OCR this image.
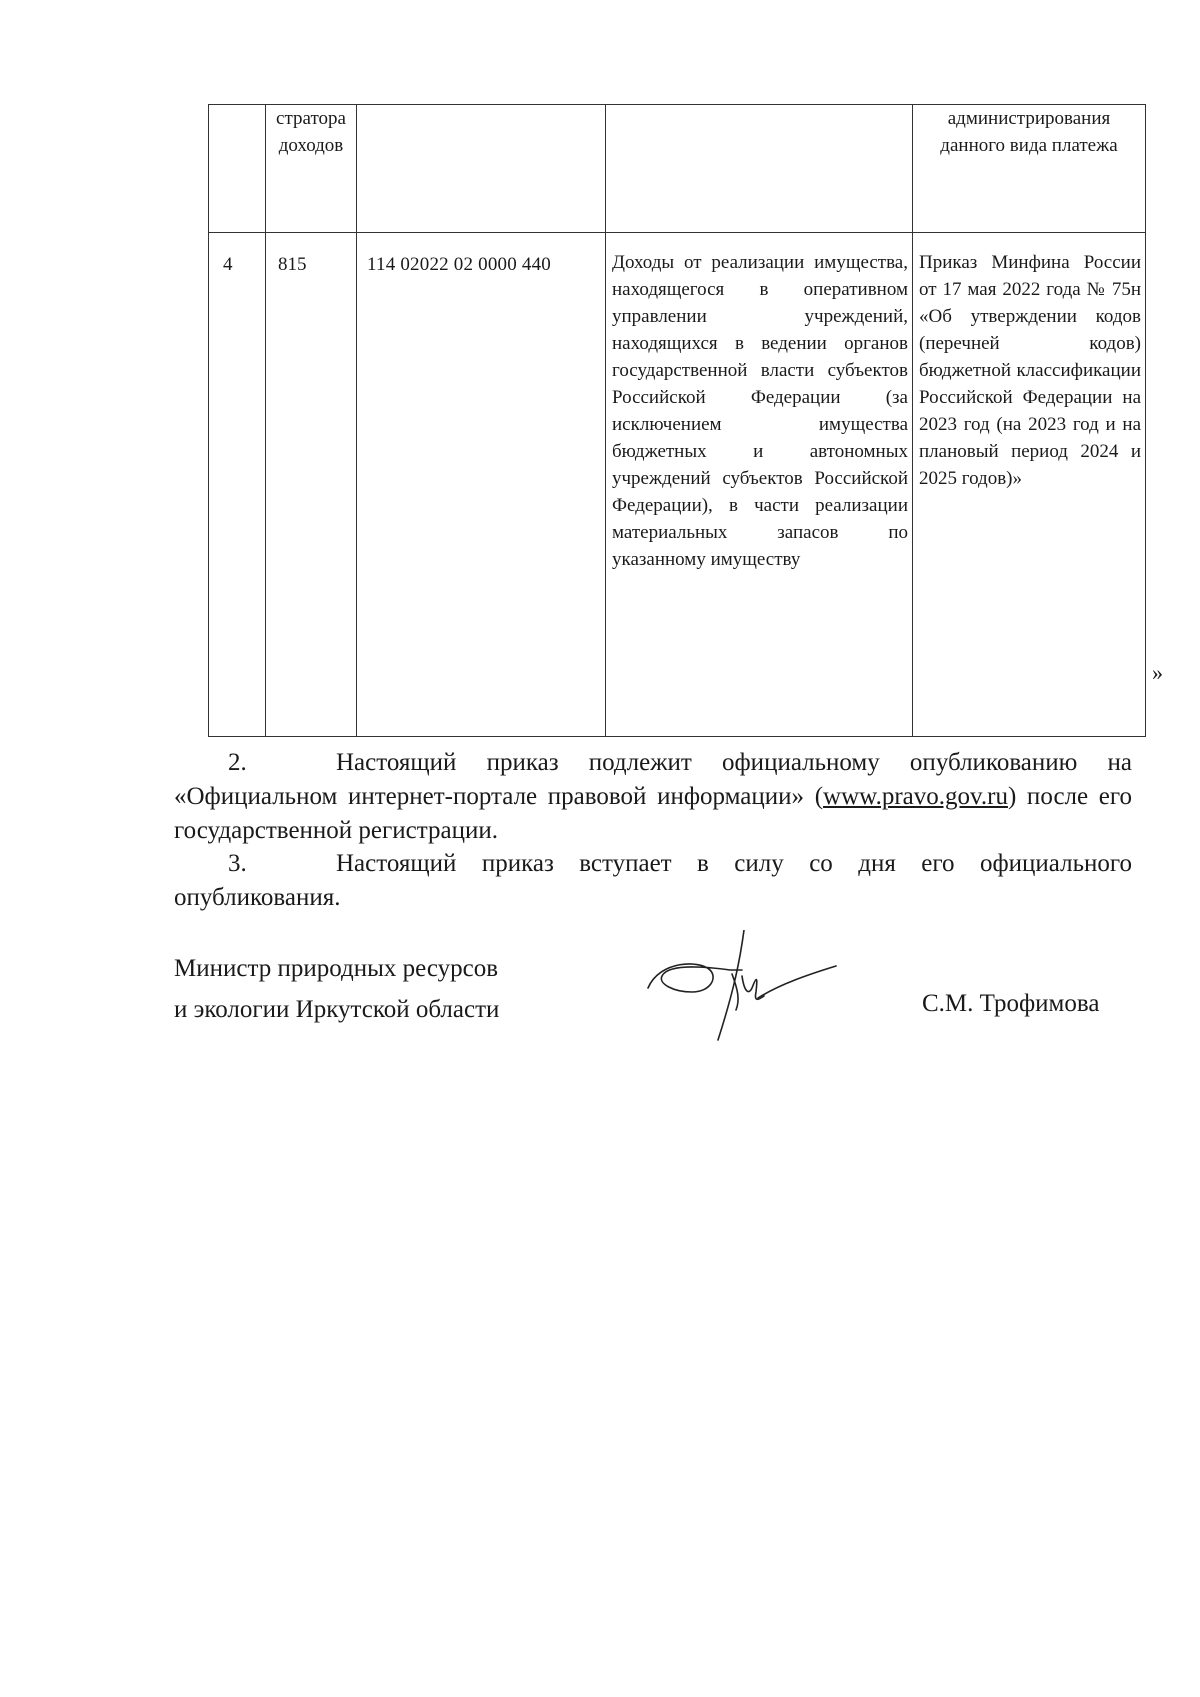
	стратора доходов			администрирования данного вида платежа

4	815	114 02022 02 0000 440	Доходы от реализации имущества, находящегося в оперативном управлении учреждений, находящихся в ведении органов государственной власти субъектов Российской Федерации (за исключением имущества бюджетных и автономных учреждений субъектов Российской Федерации), в части реализации материальных запасов по указанному имуществу	Приказ Минфина России от 17 мая 2022 года № 75н «Об утверждении кодов (перечней кодов) бюджетной классификации Российской Федерации на 2023 год (на 2023 год и на плановый период 2024 и 2025 годов)»
»
2.	Настоящий приказ подлежит официальному опубликованию на «Официальном интернет-портале правовой информации» (www.pravo.gov.ru) после его государственной регистрации.
3.	Настоящий приказ вступает в силу со дня его официального опубликования.
Министр природных ресурсов
и экологии Иркутской области	С.М. Трофимова
